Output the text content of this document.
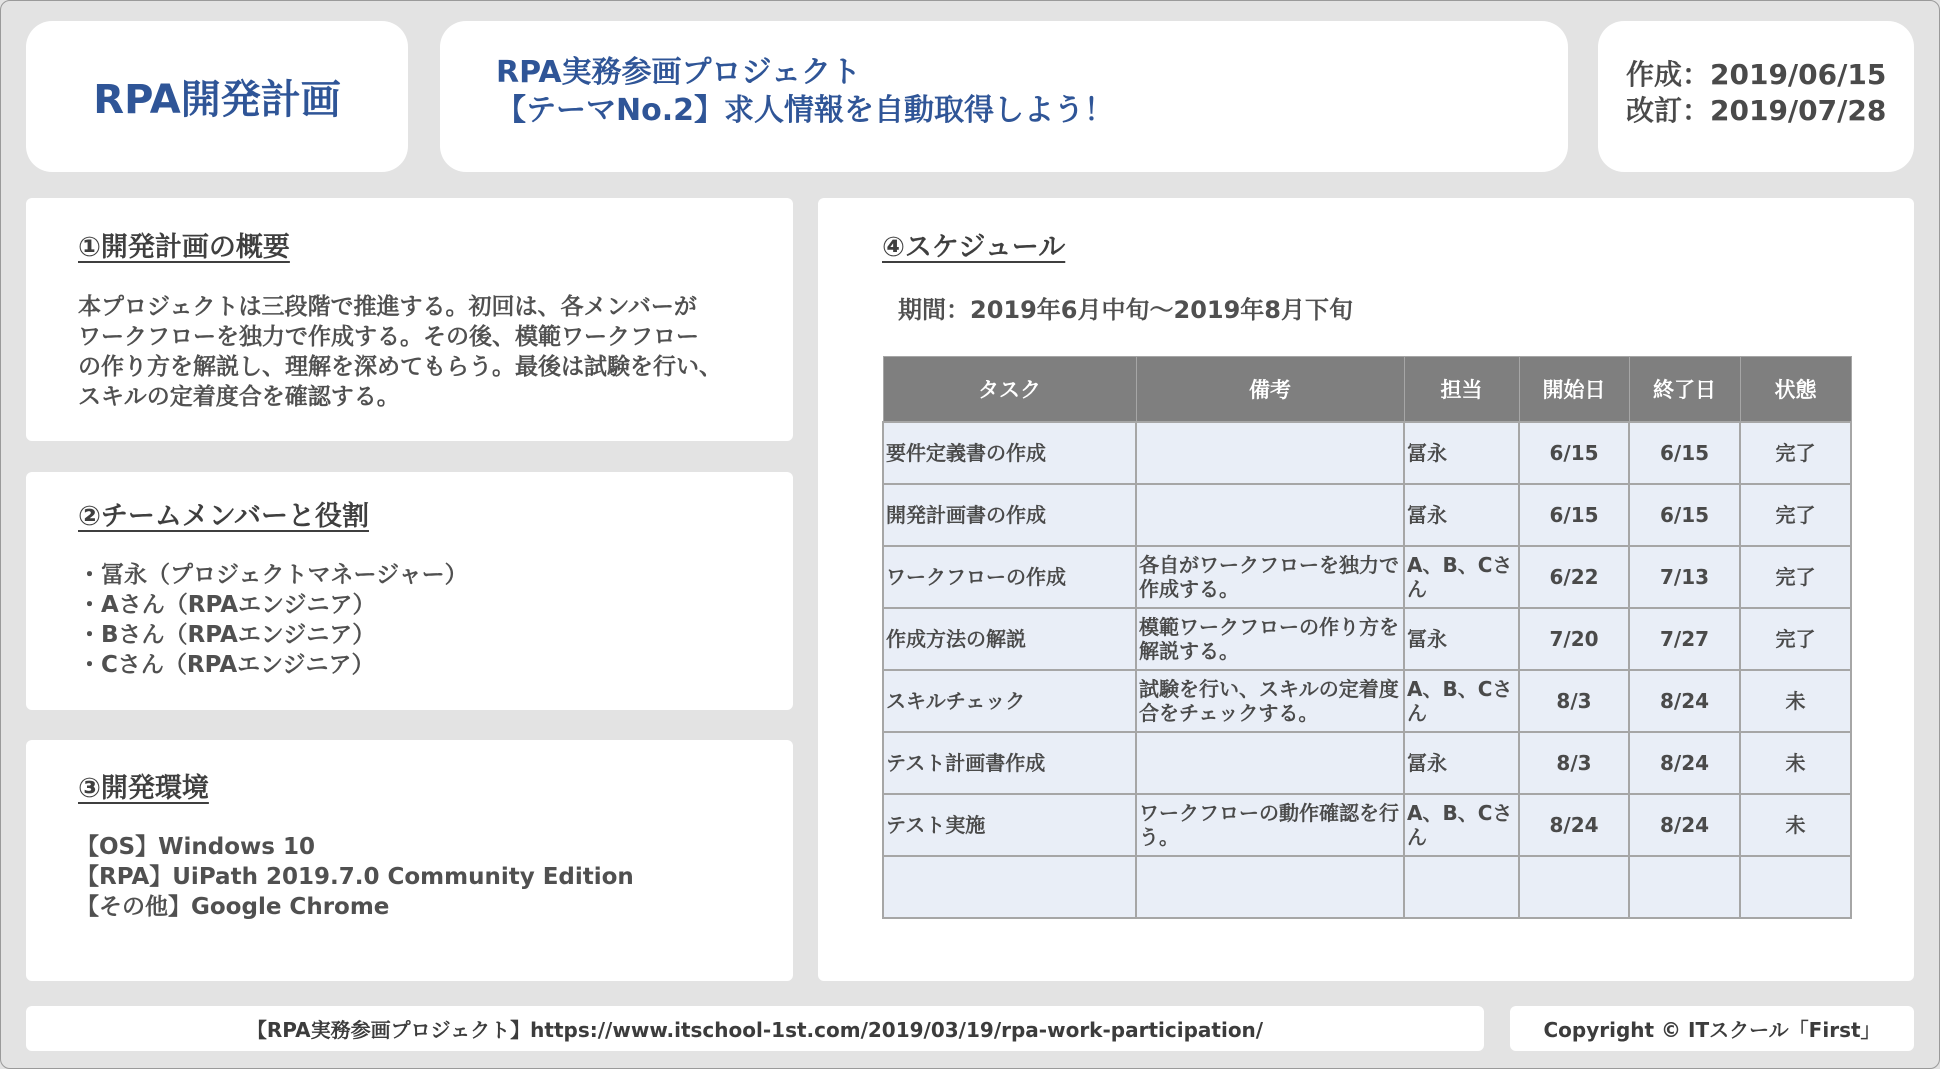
RPA開発計画
RPA実務参画プロジェクト
【テーマNo.2】求人情報を自動取得しよう！
作成：2019/06/15
改訂：2019/07/28
①開発計画の概要
本プロジェクトは三段階で推進する。初回は、各メンバーが
ワークフローを独力で作成する。その後、模範ワークフロー
の作り方を解説し、理解を深めてもらう。最後は試験を行い、
スキルの定着度合を確認する。
②チームメンバーと役割
・冨永（プロジェクトマネージャー）
・Aさん（RPAエンジニア）
・Bさん（RPAエンジニア）
・Cさん（RPAエンジニア）
③開発環境
【OS】Windows 10
【RPA】UiPath 2019.7.0 Community Edition
【その他】Google Chrome
④スケジュール
期間：2019年6月中旬～2019年8月下旬
タスク	備考	担当	開始日	終了日	状態
要件定義書の作成		冨永	6/15	6/15	完了
開発計画書の作成		冨永	6/15	6/15	完了
ワークフローの作成	各自がワークフローを独力で作成する。	A、B、Cさん	6/22	7/13	完了
作成方法の解説	模範ワークフローの作り方を解説する。	冨永	7/20	7/27	完了
スキルチェック	試験を行い、スキルの定着度合をチェックする。	A、B、Cさん	8/3	8/24	未
テスト計画書作成		冨永	8/3	8/24	未
テスト実施	ワークフローの動作確認を行う。	A、B、Cさん	8/24	8/24	未

【RPA実務参画プロジェクト】https://www.itschool-1st.com/2019/03/19/rpa-work-participation/	Copyright © ITスクール「First」
